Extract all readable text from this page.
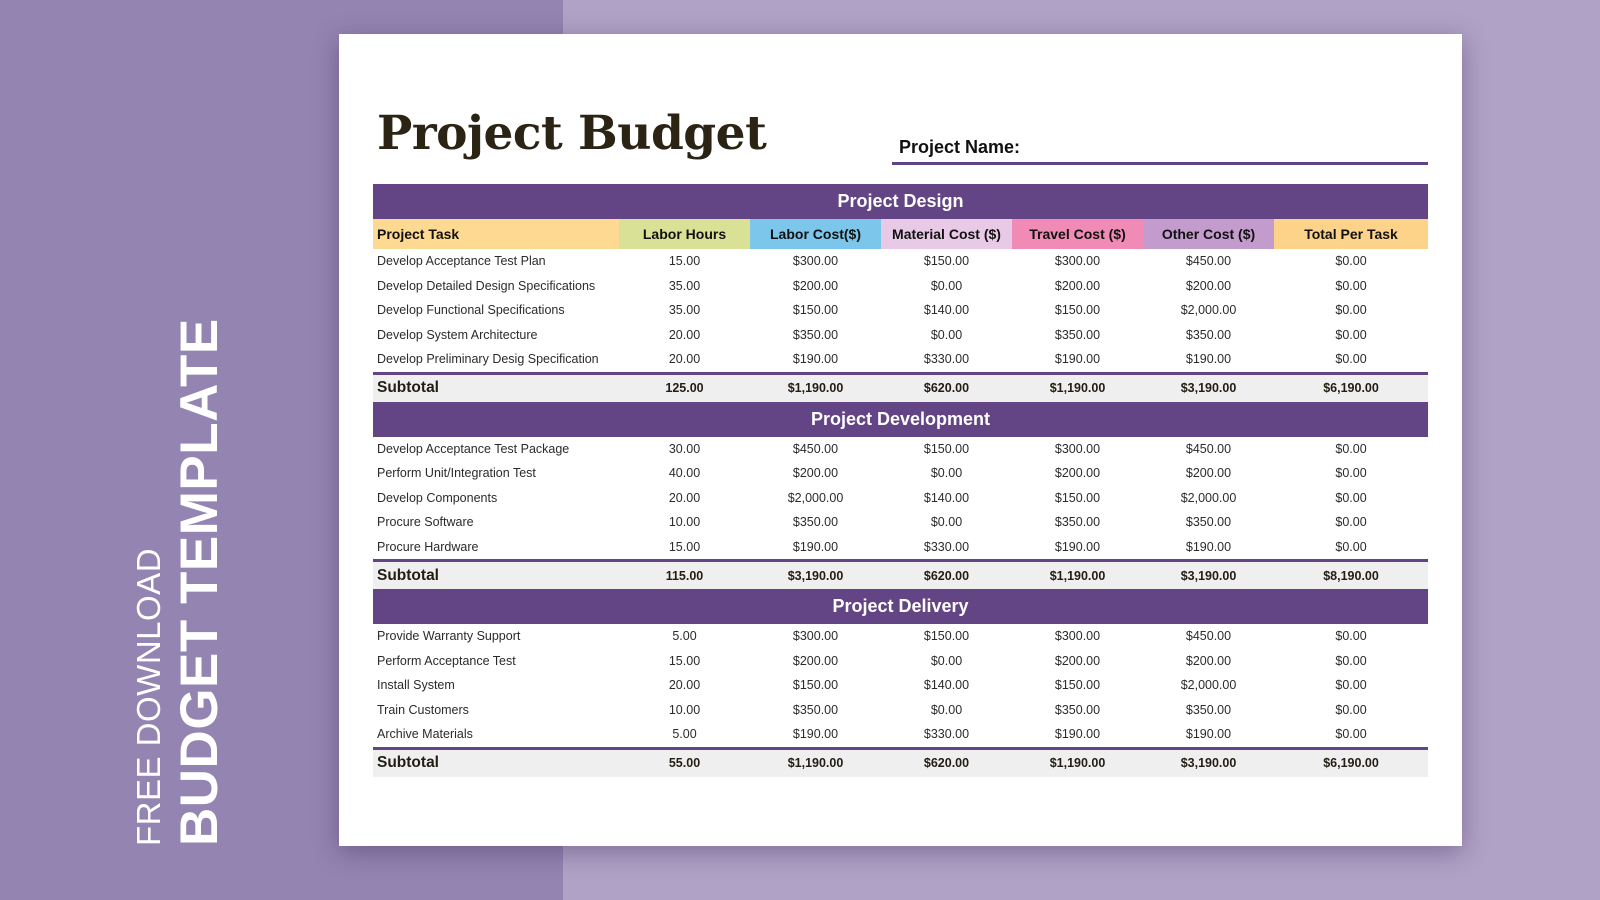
FREE DOWNLOAD BUDGET TEMPLATE
Project Budget	Project Name:
Project Design						
Project Task	Labor Hours	Labor Cost($)	Material Cost ($)	Travel Cost ($)	Other Cost ($)	Total Per Task
Develop Acceptance Test Plan	15.00	$300.00	$150.00	$300.00	$450.00	$0.00
Develop Detailed Design Specifications	35.00	$200.00	$0.00	$200.00	$200.00	$0.00
Develop Functional Specifications	35.00	$150.00	$140.00	$150.00	$2,000.00	$0.00
Develop System Architecture	20.00	$350.00	$0.00	$350.00	$350.00	$0.00
Develop Preliminary Desig Specification	20.00	$190.00	$330.00	$190.00	$190.00	$0.00
Subtotal	125.00	$1,190.00	$620.00	$1,190.00	$3,190.00	$6,190.00
Project Development						
Develop Acceptance Test Package	30.00	$450.00	$150.00	$300.00	$450.00	$0.00
Perform Unit/Integration Test	40.00	$200.00	$0.00	$200.00	$200.00	$0.00
Develop Components	20.00	$2,000.00	$140.00	$150.00	$2,000.00	$0.00
Procure Software	10.00	$350.00	$0.00	$350.00	$350.00	$0.00
Procure Hardware	15.00	$190.00	$330.00	$190.00	$190.00	$0.00
Subtotal	115.00	$3,190.00	$620.00	$1,190.00	$3,190.00	$8,190.00
Project Delivery						
Provide Warranty Support	5.00	$300.00	$150.00	$300.00	$450.00	$0.00
Perform Acceptance Test	15.00	$200.00	$0.00	$200.00	$200.00	$0.00
Install System	20.00	$150.00	$140.00	$150.00	$2,000.00	$0.00
Train Customers	10.00	$350.00	$0.00	$350.00	$350.00	$0.00
Archive Materials	5.00	$190.00	$330.00	$190.00	$190.00	$0.00
Subtotal	55.00	$1,190.00	$620.00	$1,190.00	$3,190.00	$6,190.00
